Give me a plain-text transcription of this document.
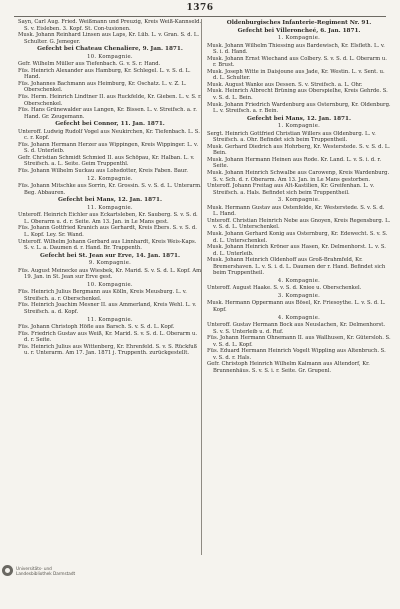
1376

Sayn, Carl Aug. Fried. Weißmann und Preuzig, Kreis Weiß-Kannseld. S. v. Eisleben. 3. Kopf. St. Con-tusionen.

Musk. Johann Reinhard Linsen aus Laps, Kr. Lüb. L. v. Gran. S. d. L. Schulter. G. Jemeger.

Gefecht bei Chateau Chenaliere, 9. Jan. 1871.

10. Kompagnie.

Gefr. Wilhelm Müller aus Tiefenbach. G. v. S. r. Hand.

Füs. Heinrich Alexander aus Hamburg, Kr. Schlegel. L. v. S. d. L. Hand.

Füs. Johannes Bachmann aus Heimburg, Kr. Oschatz. L. v. Z. L. Oberschenkel.

Füs. Herm. Heinrich Lindtner II. aus Ruckfelde, Kr. Gieben. L. v. S. r. Oberschenkel.

Füs. Hans Grünewalder aus Langen, Kr. Bissen. L. v. Streifsch. a. r. Hand. Gr. Zeugemann.

Gefecht bei Connor, 11. Jan. 1871.

Unteroff. Ludwig Rudolf Vogel aus Neukirchen, Kr. Tiefenbach. L. S. c. r. Kopf.

Füs. Johann Hermann Herzer aus Wippingen, Kreis Wippinger. L. v. S. d. Unterleib.

Gefr. Christian Schmidt Schmied II. aus Schöpau, Kr. Halban. L. v. Streifsch. a. L. Seite. Geim Truppenthl.

Füs. Johann Wilhelm Suckau aus Lohsdotter, Kreis Faben. Baur.

12. Kompagnie.

Füs. Johann Mitschke aus Sorrin, Kr. Grossin. S. v. S. d. L. Unterarm. Beg. Abbauren.

Gefecht bei Mans, 12. Jan. 1871.

11. Kompagnie.

Unteroff. Heinrich Eichler aus Eckartsleben, Kr. Sauberg. S. v. S. d. L. Oberarm u. d. r. Seite. Am 13. Jan. in Le Mans gest.

Füs. Johann Gottfried Kranich aus Gerhardt, Kreis Ebers. S. v. S. d. L. Kopf. Ley. Sr. Wand.

Unteroff. Wilhelm Johann Gerbard aus Linnhardt, Kreis Weis-Kaps. S. v. L. a. Daumen d. r. Hand. Br. Trappenth.

Gefecht bei St. Jean sur Erve, 14. Jan. 1871.

9. Kompagnie.

Füs. August Meinecke aus Wiesbek, Kr. Marid. S. v. S. d. L. Kopf. Am 19. Jan. in St. Jean sur Erve gest.

10. Kompagnie.

Füs. Heinrich Julius Bergmann aus Kölln, Kreis Meusburg. L. v. Streifsch. a. r. Oberschenkel.

Füs. Heinrich Joachim Mesner II. aus Ammerland, Kreis Wehl. L. v. Streifsch. a. d. Kopf.

11. Kompagnie.

Füs. Johann Christoph Höfle aus Barsch. S. v. S. d. L. Kopf.

Füs. Friedrich Gustav aus Weiß, Kr. Marid. S. v. S. d. L. Oberarm u. d. r. Seite.

Füs. Heinrich Julius aus Wittenberg, Kr. Ehrenfeld. S. v. S. Rückfuß u. r. Unterarm. Am 17. Jan. 1871 j. Truppenth. zurückgestellt.

Oldenburgisches Infanterie-Regiment Nr. 91.

Gefecht bei Villeroncheé, 6. Jan. 1871.

1. Kompagnie.

Musk. Johann Wilhelm Thiessing aus Bardewisch, Kr. Elsfleth. L. v. S. i. d. Hand.

Musk. Johann Ernst Wiechand aus Colbery. S. v. S. d. L. Oberarm u. r. Brust.

Musk. Joseph Witte in Daisjoune aus Jade, Kr. Westin. L. v. Sent. u. d. L. Schulter.

Musk. August Wanke aus Dessen. S. v. Streifsch. a. L. Ohr.

Musk. Heinrich Albrecht Brüning aus Oberspielhe, Kreis Gehrde. S. v. S. d. L. Bein.

Musk. Johann Friedrich Wardenburg aus Osternburg, Kr. Oldenburg. L. v. Streifsch. a. r. Bein.

Gefecht bei Mans, 12. Jan. 1871.

1. Kompagnie.

Sergt. Heinrich Gottfried Christian Willers aus Oldenburg. L. v. Streifsch. a. Ohr. Befindet sich beim Truppentheil.

Musk. Gerhard Diedrich aus Hohrberg, Kr. Westerstede. S. v. S. d. L. Bein.

Musk. Johann Hermann Heinen aus Rode. Kr. Land. L. v. S. i. d. r. Seite.

Musk. Johann Heinrich Schwalbe aus Carowenp, Kreis Wardenburg. S. v. Sch. d. r. Oberarm. Am 13. Jan. in Le Mans gestorben.

Unteroff. Johann Freitag aus Alt-Kastilien, Kr. Greifenhan. L. v. Streifsch. a. Hals. Befindet sich beim Truppentheil.

3. Kompagnie.

Musk. Hermann Gustav aus Ostenfelde, Kr. Westerstede. S. v. S. d. L. Hand.

Unteroff. Christian Heinrich Nebe aus Gnoyen, Kreis Regensburg. L. v. S. d. L. Unterschenkel.

Musk. Johann Gerhard Konig aus Osternburg, Kr. Edewecht. S. v. S. d. L. Unterschenkel.

Musk. Johann Heinrich Kröner aus Hasen, Kr. Delmenhorst. L. v. S. d. L. Unterleib.

Musk. Johann Heinrich Oldenhoff aus Groß-Brahmfeld, Kr. Bremershaven. L. v. S. i. d. L. Daumen der r. Hand. Befindet sich beim Truppentheil.

4. Kompagnie.

Unteroff. August Haake. S. v. S. d. Kniee u. Oberschenkel.

3. Kompagnie.

Musk. Hermann Oppermann aus Bösel, Kr. Friesoythe. L. v. S. d. L. Kopf.

4. Kompagnie.

Unteroff. Gustav Hermann Bock aus Neuslachen, Kr. Delmenhorst. S. v. S. Unterleib u. d. Ruf.

Füs. Johann Hermann Ohnemann II. aus Wallhusen, Kr. Gütersloh. S. v. S. d. L. Kopf.

Füs. Eduard Hermann Heinrich Vogelt Wippling aus Altenbruch. S. v. S. d. r. Hals.

Gefr. Christoph Heinrich Wilhelm Kalmann aus Altendorf, Kr. Brunnenhäus. S. v. S. i. r. Seite. Gr. Grupenl.

Universitäts- und
Landesbibliothek Darmstadt
